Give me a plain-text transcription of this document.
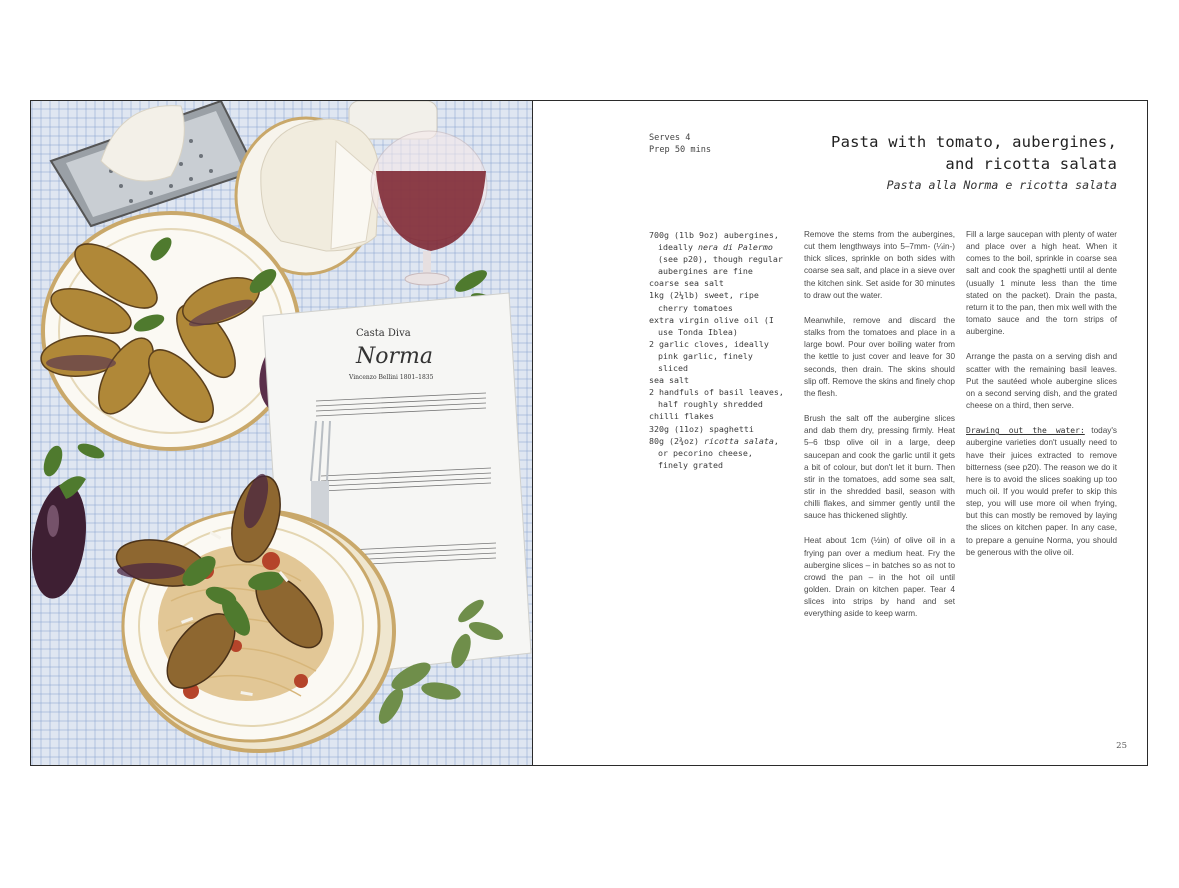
Casta Diva
Norma
Vincenzo Bellini 1801–1835
Serves 4
Prep 50 mins	Pasta with tomato, aubergines,
and ricotta salata
Pasta alla Norma e ricotta salata
700g (1lb 9oz) aubergines, ideally nera di Palermo (see p20), though regular aubergines are fine
coarse sea salt
1kg (2¼lb) sweet, ripe cherry tomatoes
extra virgin olive oil (I use Tonda Iblea)
2 garlic cloves, ideally pink garlic, finely sliced
sea salt
2 handfuls of basil leaves, half roughly shredded
chilli flakes
320g (11oz) spaghetti
80g (2¾oz) ricotta salata, or pecorino cheese, finely grated

Remove the stems from the aubergines, cut them lengthways into 5–7mm- (¼in-) thick slices, sprinkle on both sides with coarse sea salt, and place in a sieve over the kitchen sink. Set aside for 30 minutes to draw out the water.

Meanwhile, remove and discard the stalks from the tomatoes and place in a large bowl. Pour over boiling water from the kettle to just cover and leave for 30 seconds, then drain. The skins should slip off. Remove the skins and finely chop the flesh.

Brush the salt off the aubergine slices and dab them dry, pressing firmly. Heat 5–6 tbsp olive oil in a large, deep saucepan and cook the garlic until it gets a bit of colour, but don't let it burn. Then stir in the tomatoes, add some sea salt, stir in the shredded basil, season with chilli flakes, and simmer gently until the sauce has thickened slightly.

Heat about 1cm (½in) of olive oil in a frying pan over a medium heat. Fry the aubergine slices – in batches so as not to crowd the pan – in the hot oil until golden. Drain on kitchen paper. Tear 4 slices into strips by hand and set everything aside to keep warm.

Fill a large saucepan with plenty of water and place over a high heat. When it comes to the boil, sprinkle in coarse sea salt and cook the spaghetti until al dente (usually 1 minute less than the time stated on the packet). Drain the pasta, return it to the pan, then mix well with the tomato sauce and the torn strips of aubergine.

Arrange the pasta on a serving dish and scatter with the remaining basil leaves. Put the sautéed whole aubergine slices on a second serving dish, and the grated cheese on a third, then serve.

Drawing out the water: today's aubergine varieties don't usually need to have their juices extracted to remove bitterness (see p20). The reason we do it here is to avoid the slices soaking up too much oil. If you would prefer to skip this step, you will use more oil when frying, but this can mostly be removed by laying the slices on kitchen paper. In any case, to prepare a genuine Norma, you should be generous with the olive oil.

25
